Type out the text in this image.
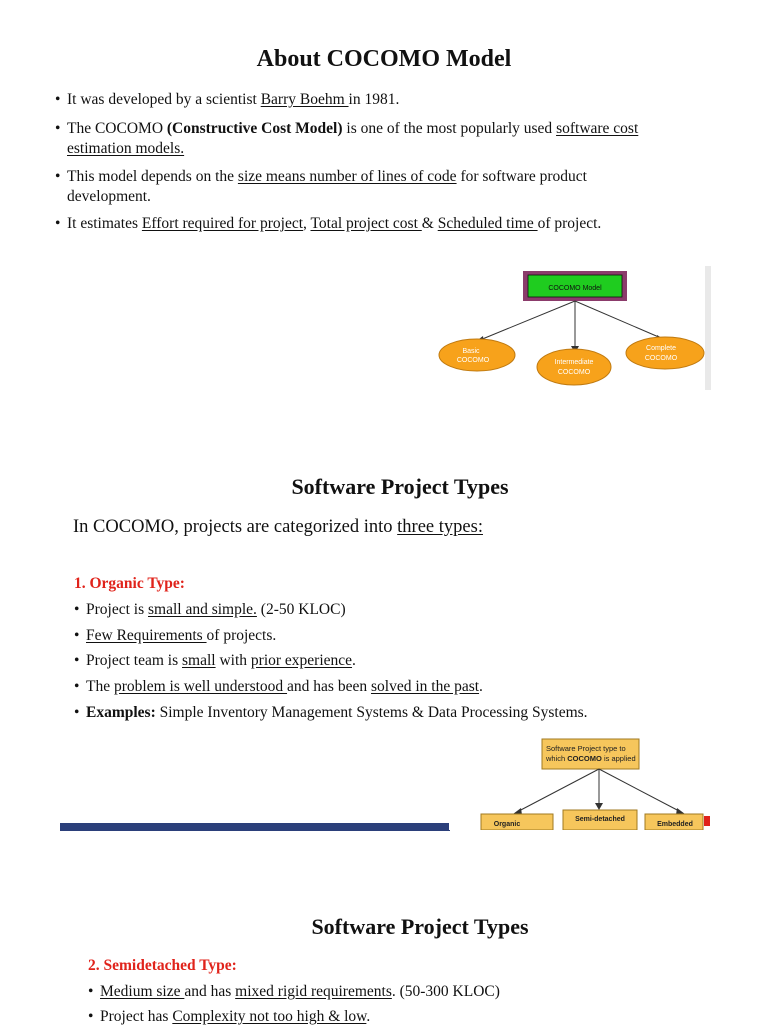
About COCOMO Model
• It was developed by a scientist Barry Boehm in 1981.
• The COCOMO (Constructive Cost Model) is one of the most popularly used software cost
estimation models.
• This model depends on the size means number of lines of code for software product
development.
• It estimates Effort required for project, Total project cost & Scheduled time of project.
COCOMO Model
Basic
COCOMO	Intermediate
COCOMO
Complete
COCOMO
Software Project Types
In COCOMO, projects are categorized into three types:
1. Organic Type:
• Project is small and simple. (2-50 KLOC)
• Few Requirements of projects.
• Project team is small with prior experience.
• The problem is well understood and has been solved in the past.
• Examples: Simple Inventory Management Systems & Data Processing Systems.
Software Project type to
which COCOMO is applied
Organic
Semi-detached
Embedded
Software Project Types
2. Semidetached Type:
• Medium size and has mixed rigid requirements. (50-300 KLOC)
• Project has Complexity not too high & low.
